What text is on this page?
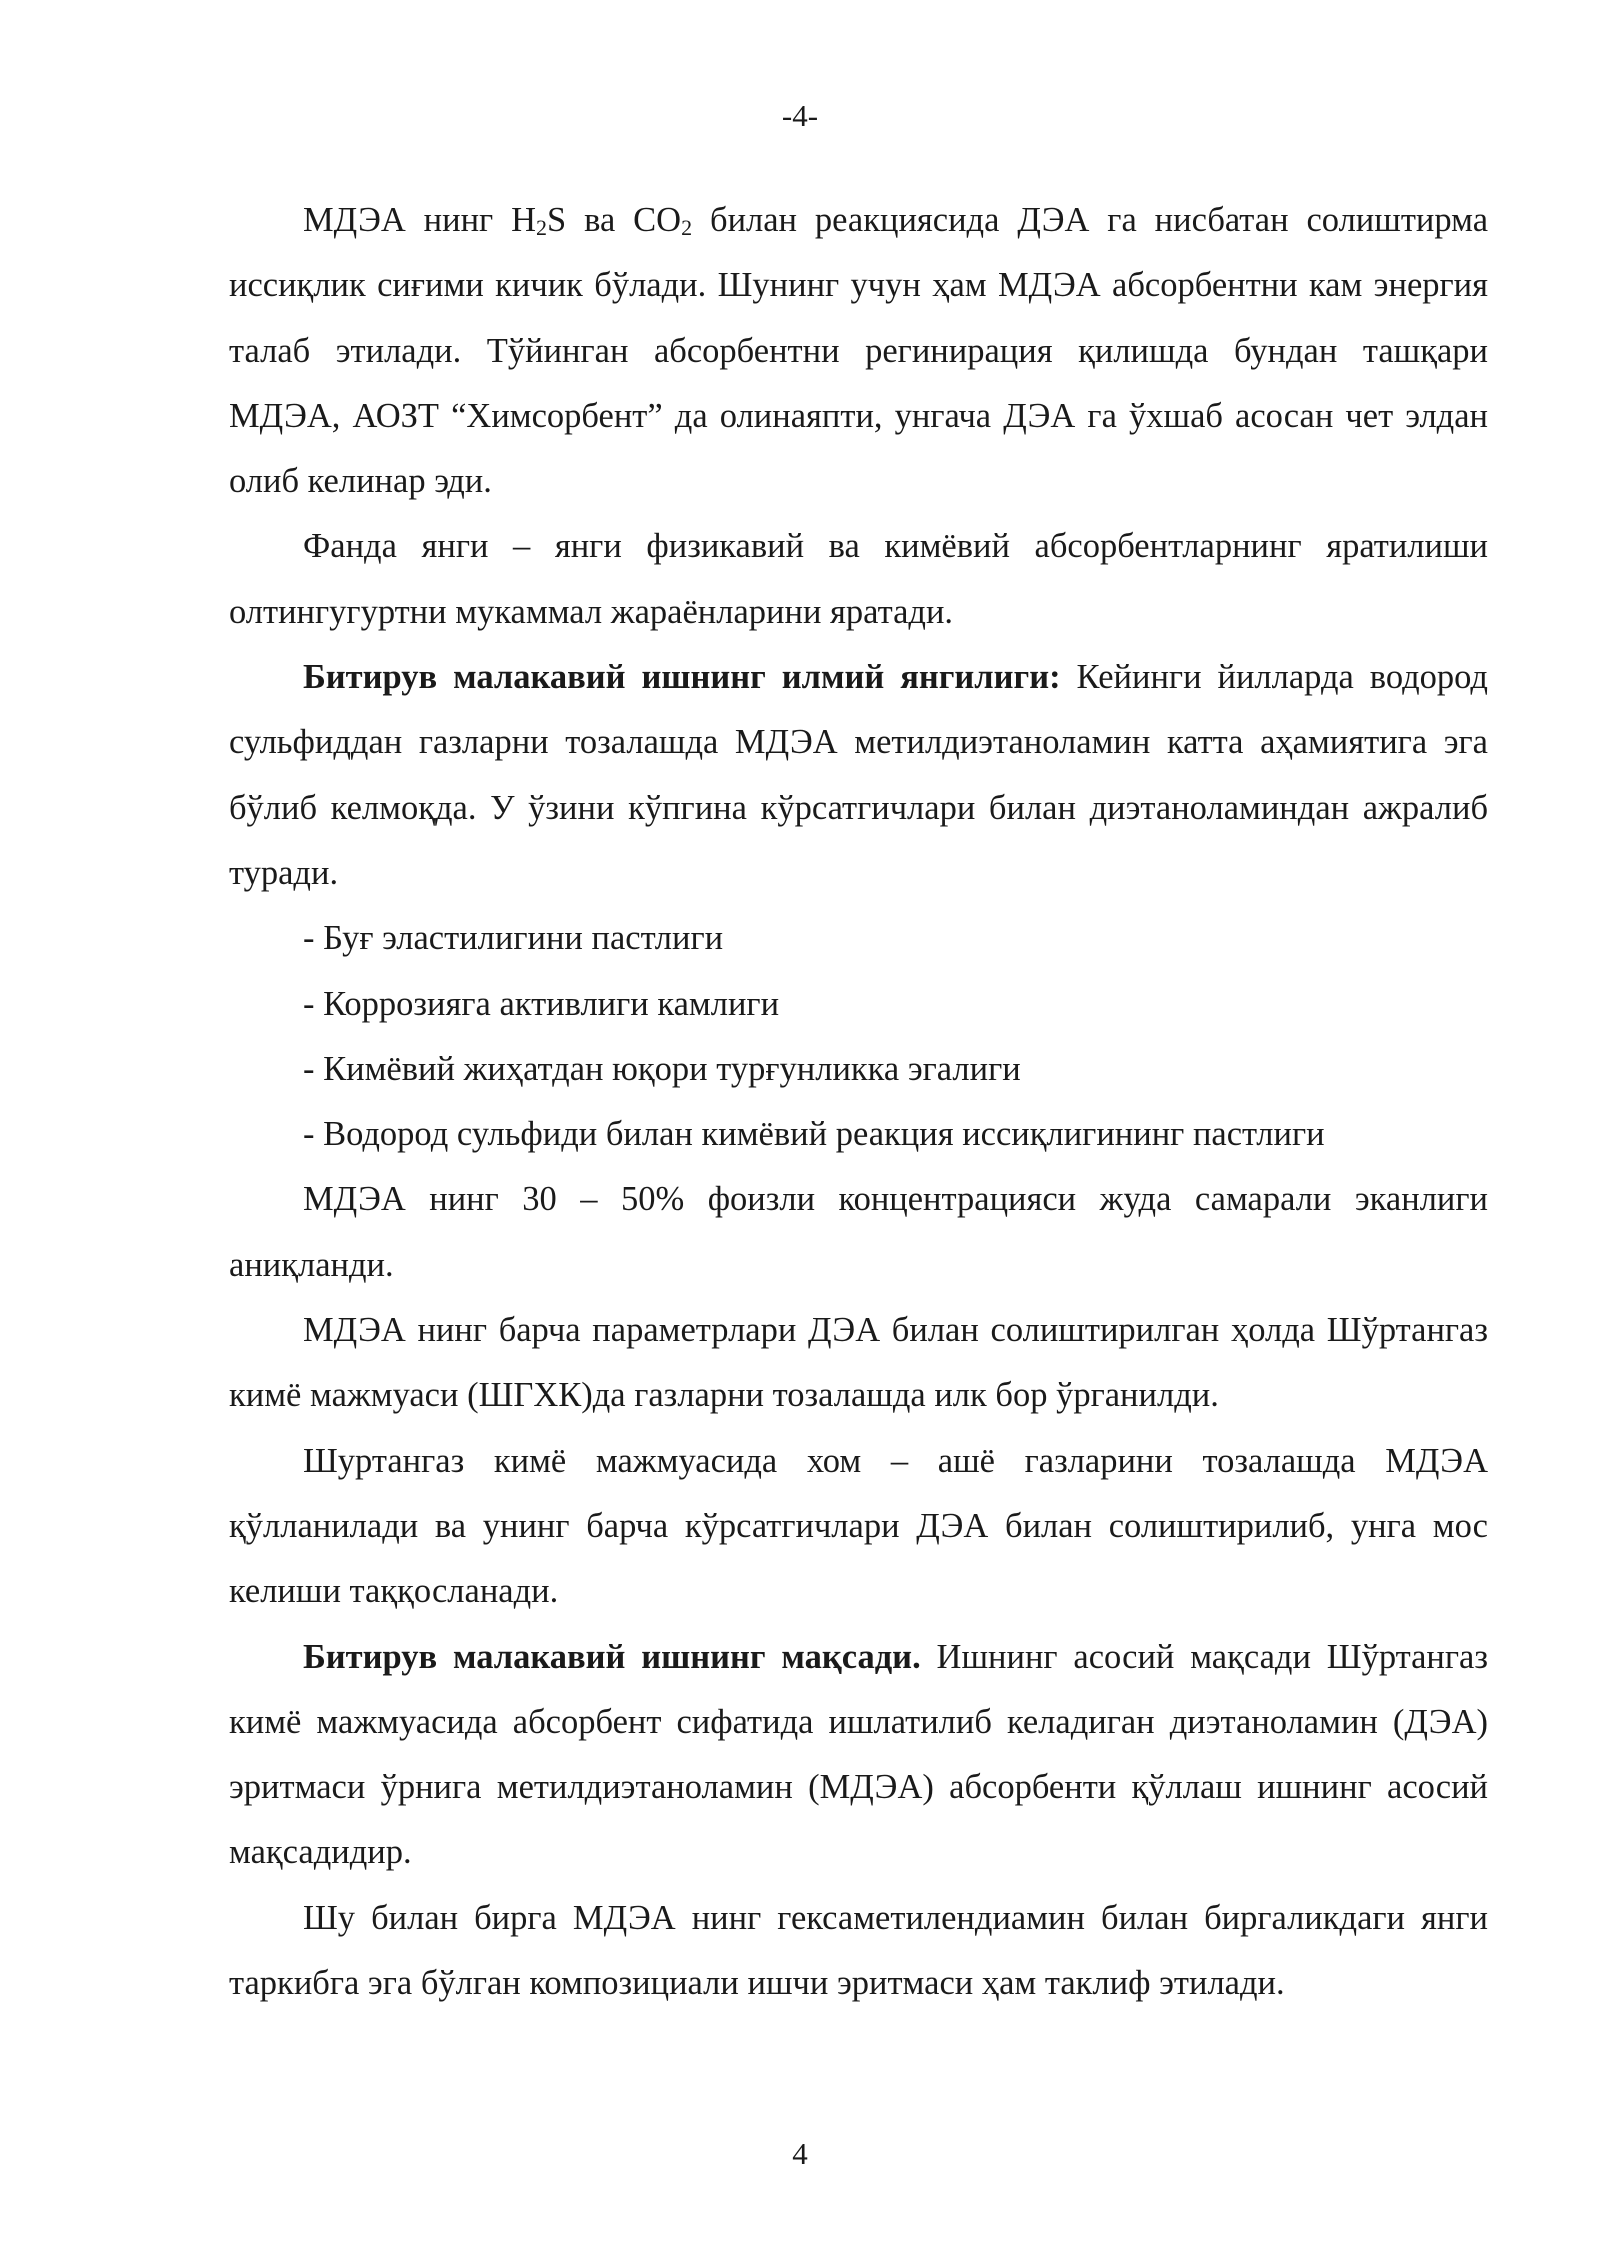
-4-

МДЭА нинг $H_2S$ ва $CO_2$ билан реакциясида ДЭА га нисбатан солиштирма иссиқлик сиғими кичик бўлади. Шунинг учун ҳам МДЭА абсорбентни кам энергия талаб этилади. Тўйинган абсорбентни регинирация қилишда бундан ташқари МДЭА, АОЗТ “Химсорбент” да олинаяпти, унгача ДЭА га ўхшаб асосан чет элдан олиб келинар эди.

Фанда янги – янги физикавий ва кимёвий абсорбентларнинг яратилиши олтингугуртни мукаммал жараёнларини яратади.

Битирув малакавий ишнинг илмий янгилиги: Кейинги йилларда водород сульфиддан газларни тозалашда МДЭА метилдиэтаноламин катта аҳамиятига эга бўлиб келмоқда. У ўзини кўпгина кўрсатгичлари билан диэтаноламиндан ажралиб туради.

- Буғ эластилигини пастлиги

- Коррозияга активлиги камлиги

- Кимёвий жиҳатдан юқори турғунликка эгалиги

- Водород сульфиди билан кимёвий реакция иссиқлигининг пастлиги

МДЭА нинг 30 – 50% фоизли концентрацияси жуда самарали эканлиги аниқланди.

МДЭА нинг барча параметрлари ДЭА билан солиштирилган ҳолда Шўртангаз кимё мажмуаси (ШГХК)да газларни тозалашда илк бор ўрганилди.

Шуртангаз кимё мажмуасида хом – ашё газларини тозалашда МДЭА қўлланилади ва унинг барча кўрсатгичлари ДЭА билан солиштирилиб, унга мос келиши таққосланади.

Битирув малакавий ишнинг мақсади. Ишнинг асосий мақсади Шўртангаз кимё мажмуасида абсорбент сифатида ишлатилиб келадиган диэтаноламин (ДЭА) эритмаси ўрнига метилдиэтаноламин (МДЭА) абсорбенти қўллаш ишнинг асосий мақсадидир.

Шу билан бирга МДЭА нинг гексаметилендиамин билан биргаликдаги янги таркибга эга бўлган композициали ишчи эритмаси ҳам таклиф этилади.

4
